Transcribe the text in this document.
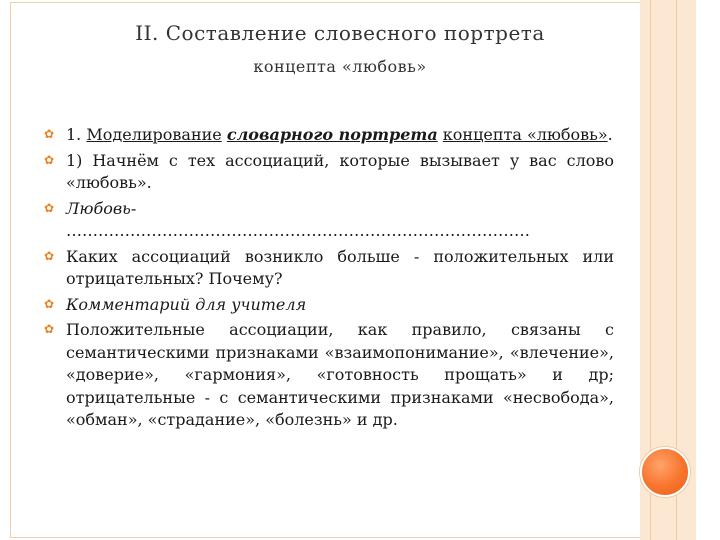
II. Составление словесного портрета
концепта «любовь»
✿ 1. Моделирование словарного портрета концепта «любовь».
✿ 1) Начнём с тех ассоциаций, которые вызывает у вас слово «любовь».
✿ Любовь-
……………………………………………………………………………
✿ Каких ассоциаций возникло больше - положительных или отрицательных? Почему?
✿ Комментарий для учителя
✿ Положительные ассоциации, как правило, связаны с семантическими признаками «взаимопонимание», «влечение», «доверие», «гармония», «готовность прощать» и др; отрицательные - с семантическими признаками «несвобода», «обман», «страдание», «болезнь» и др.
